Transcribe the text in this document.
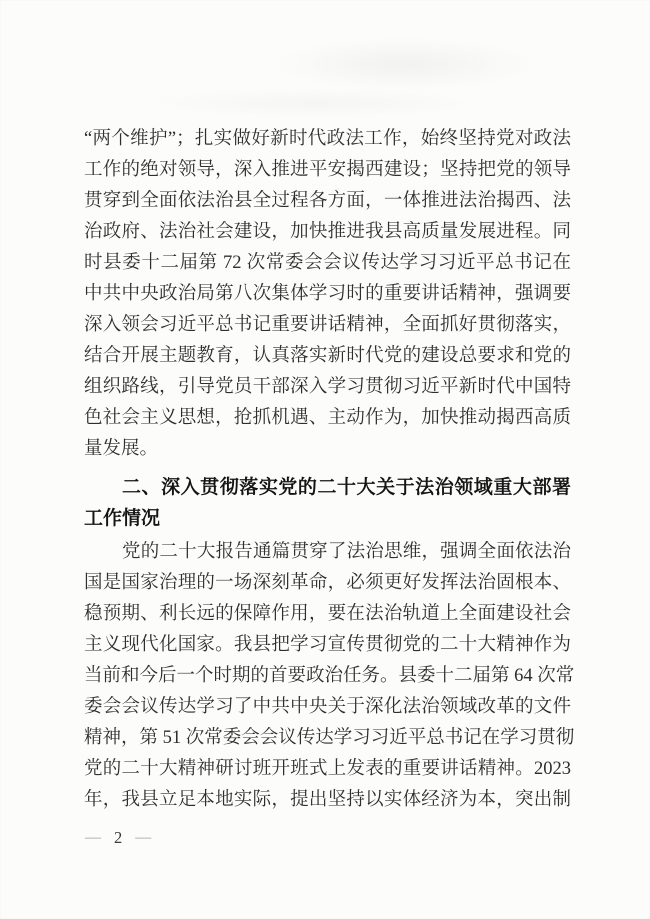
“两个维护”；扎实做好新时代政法工作，始终坚持党对政法
工作的绝对领导，深入推进平安揭西建设；坚持把党的领导
贯穿到全面依法治县全过程各方面，一体推进法治揭西、法
治政府、法治社会建设，加快推进我县高质量发展进程。同
时县委十二届第 72 次常委会会议传达学习习近平总书记在
中共中央政治局第八次集体学习时的重要讲话精神，强调要
深入领会习近平总书记重要讲话精神，全面抓好贯彻落实，
结合开展主题教育，认真落实新时代党的建设总要求和党的
组织路线，引导党员干部深入学习贯彻习近平新时代中国特
色社会主义思想，抢抓机遇、主动作为，加快推动揭西高质
量发展。
二、深入贯彻落实党的二十大关于法治领域重大部署
工作情况
党的二十大报告通篇贯穿了法治思维，强调全面依法治
国是国家治理的一场深刻革命，必须更好发挥法治固根本、
稳预期、利长远的保障作用，要在法治轨道上全面建设社会
主义现代化国家。我县把学习宣传贯彻党的二十大精神作为
当前和今后一个时期的首要政治任务。县委十二届第 64 次常
委会会议传达学习了中共中央关于深化法治领域改革的文件
精神，第 51 次常委会会议传达学习习近平总书记在学习贯彻
党的二十大精神研讨班开班式上发表的重要讲话精神。2023
年，我县立足本地实际，提出坚持以实体经济为本，突出制
— 2 —
